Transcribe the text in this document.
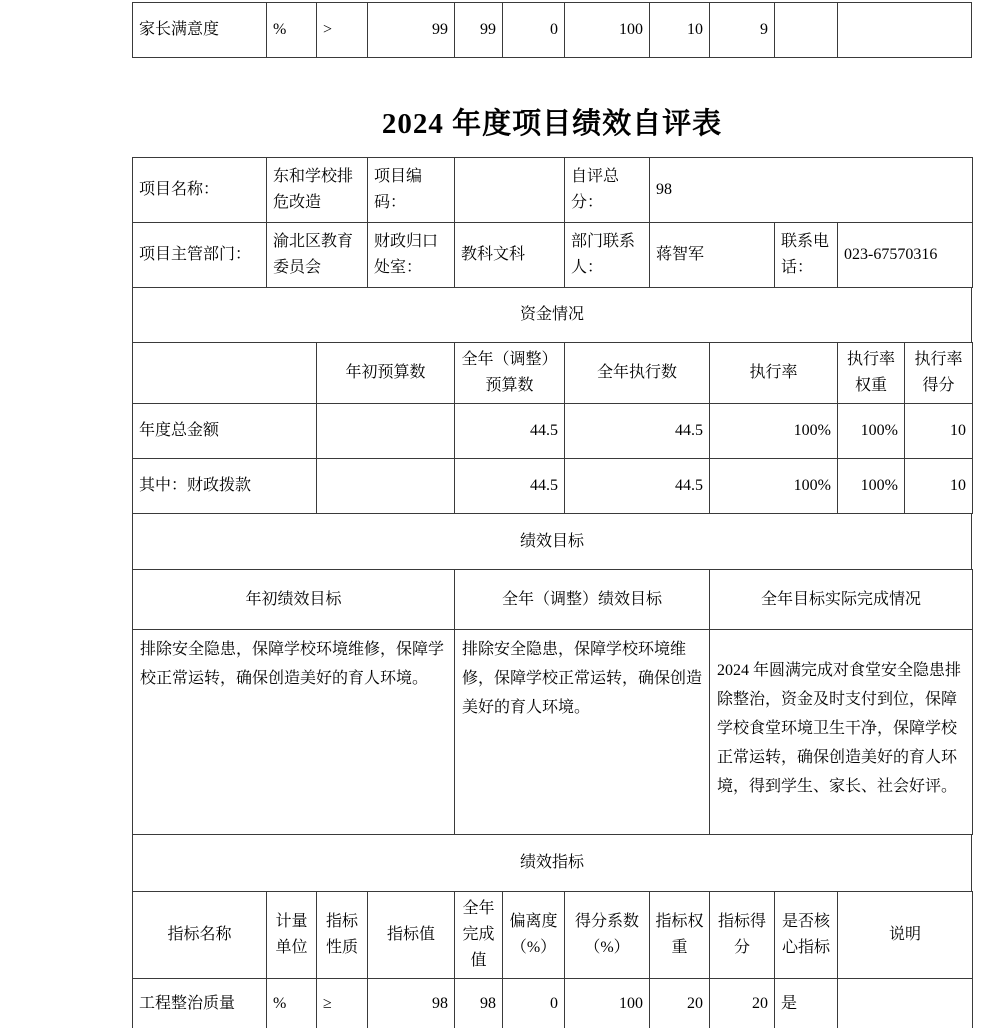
家长满意度	%	>	99	99	0	100	10	9		
2024 年度项目绩效自评表
项目名称：	东和学校排危改造	项目编码：		自评总分：	98		
项目主管部门：	渝北区教育委员会	财政归口处室：	教科文科	部门联系人：	蒋智军	联系电话：	023-67570316
资金情况
	年初预算数	全年（调整）预算数	全年执行数	执行率	执行率权重	执行率得分
年度总金额		44.5	44.5	100%	100%	10
其中：财政拨款		44.5	44.5	100%	100%	10
绩效目标
年初绩效目标	全年（调整）绩效目标	全年目标实际完成情况
排除安全隐患，保障学校环境维修，保障学校正常运转，确保创造美好的育人环境。	排除安全隐患，保障学校环境维修，保障学校正常运转，确保创造美好的育人环境。	2024 年圆满完成对食堂安全隐患排除整治，资金及时支付到位，保障学校食堂环境卫生干净，保障学校正常运转，确保创造美好的育人环境，得到学生、家长、社会好评。
绩效指标
指标名称	计量单位	指标性质	指标值	全年完成值	偏离度（%）	得分系数（%）	指标权重	指标得分	是否核心指标	说明
工程整治质量	%	≥	98	98	0	100	20	20	是	
